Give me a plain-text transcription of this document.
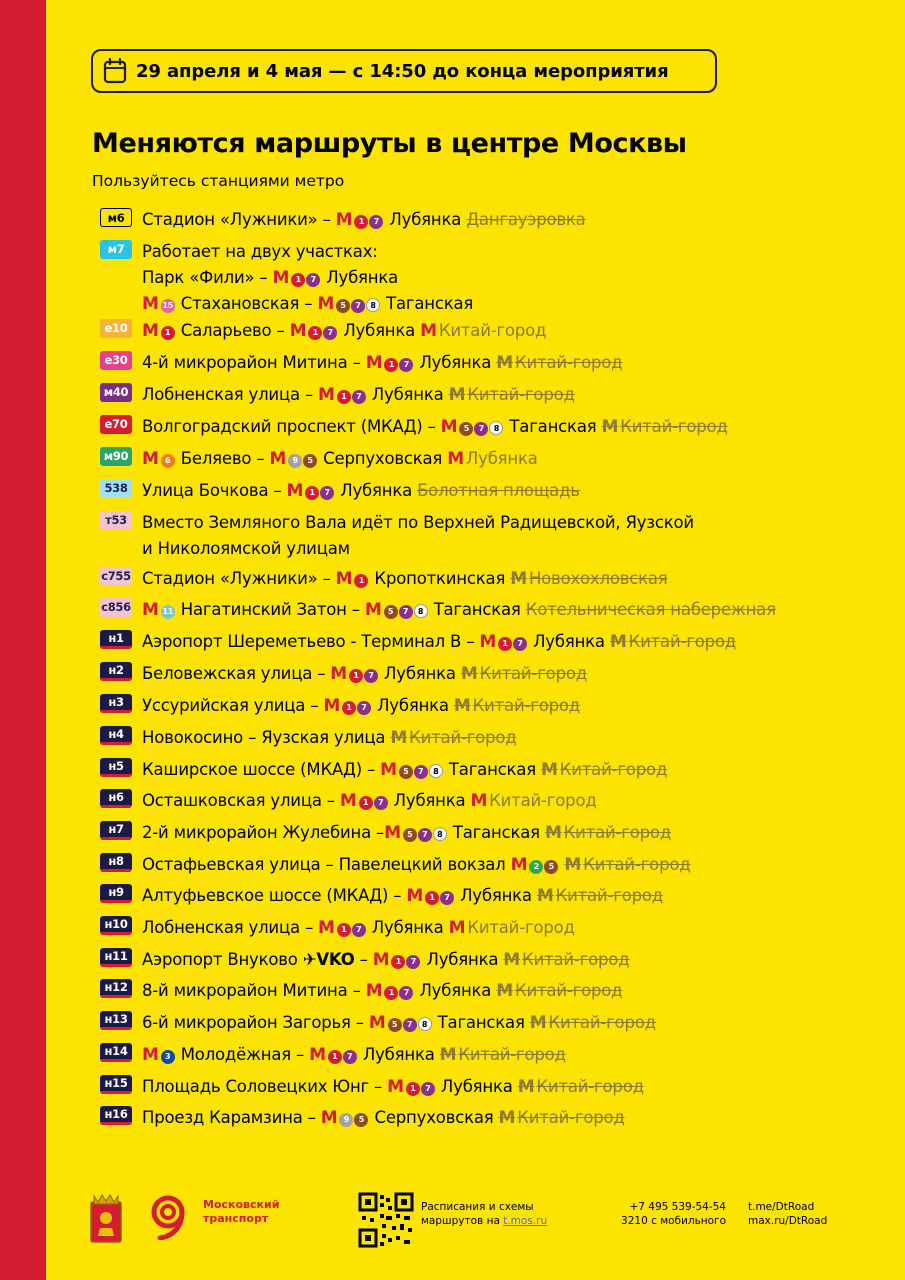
29 апреля и 4 мая — с 14:50 до конца мероприятия
Меняются маршруты в центре Москвы
Пользуйтесь станциями метро
м6	Стадион «Лужники» – М 1 7 Лубянка Дангауэровка
м7	Работает на двух участках:
Парк «Фили» – М 1 7 Лубянка
М 15 Стахановская – М 5 7 8 Таганская
е10 М 1 Саларьево – М 1 7 Лубянка М Китай-город
е30 4-й микрорайон Митина – М 1 7 Лубянка М Китай-город
м40 Лобненская улица – М 1 7 Лубянка М Китай-город
е70 Волгоградский проспект (МКАД) – М 5 7 8 Таганская М Китай-город
м90 М 6 Беляево – М 9 5 Серпуховская М Лубянка
538 Улица Бочкова – М 1 7 Лубянка Болотная площадь
т53 Вместо Земляного Вала идёт по Верхней Радищевской, Яузской
и Николоямской улицам
с755 Стадион «Лужники» – М 1 Кропоткинская М Новохохловская
с856 М 11 Нагатинский Затон – М 5 7 8 Таганская Котельническая набережная
н1	Аэропорт Шереметьево - Терминал B – М 1 7 Лубянка М Китай-город
н2	Беловежская улица – М 1 7 Лубянка М Китай-город
н3	Уссурийская улица – М 1 7 Лубянка М Китай-город
н4	Новокосино – Яузская улица М Китай-город
н5	Каширское шоссе (МКАД) – М 5 7 8 Таганская М Китай-город
н6	Осташковская улица – М 1 7 Лубянка М Китай-город
н7	2-й микрорайон Жулебина –М 5 7 8 Таганская М Китай-город
н8	Остафьевская улица – Павелецкий вокзал М 2 5 М Китай-город
н9	Алтуфьевское шоссе (МКАД) – М 1 7 Лубянка М Китай-город
н10 Лобненская улица – М 1 7 Лубянка М Китай-город
н11 Аэропорт Внуково ✈VKO – М 1 7 Лубянка М Китай-город
н12 8-й микрорайон Митина – М 1 7 Лубянка М Китай-город
н13 6-й микрорайон Загорья – М 5 7 8 Таганская М Китай-город
н14 М 3 Молодёжная – М 1 7 Лубянка М Китай-город
н15 Площадь Соловецких Юнг – М 1 7 Лубянка М Китай-город
н16 Проезд Карамзина – М 9 5 Серпуховская М Китай-город
Московский
транспорт
Расписания и схемы
маршрутов на t.mos.ru
+7 495 539-54-54
3210 с мобильного
t.me/DtRoad
max.ru/DtRoad
